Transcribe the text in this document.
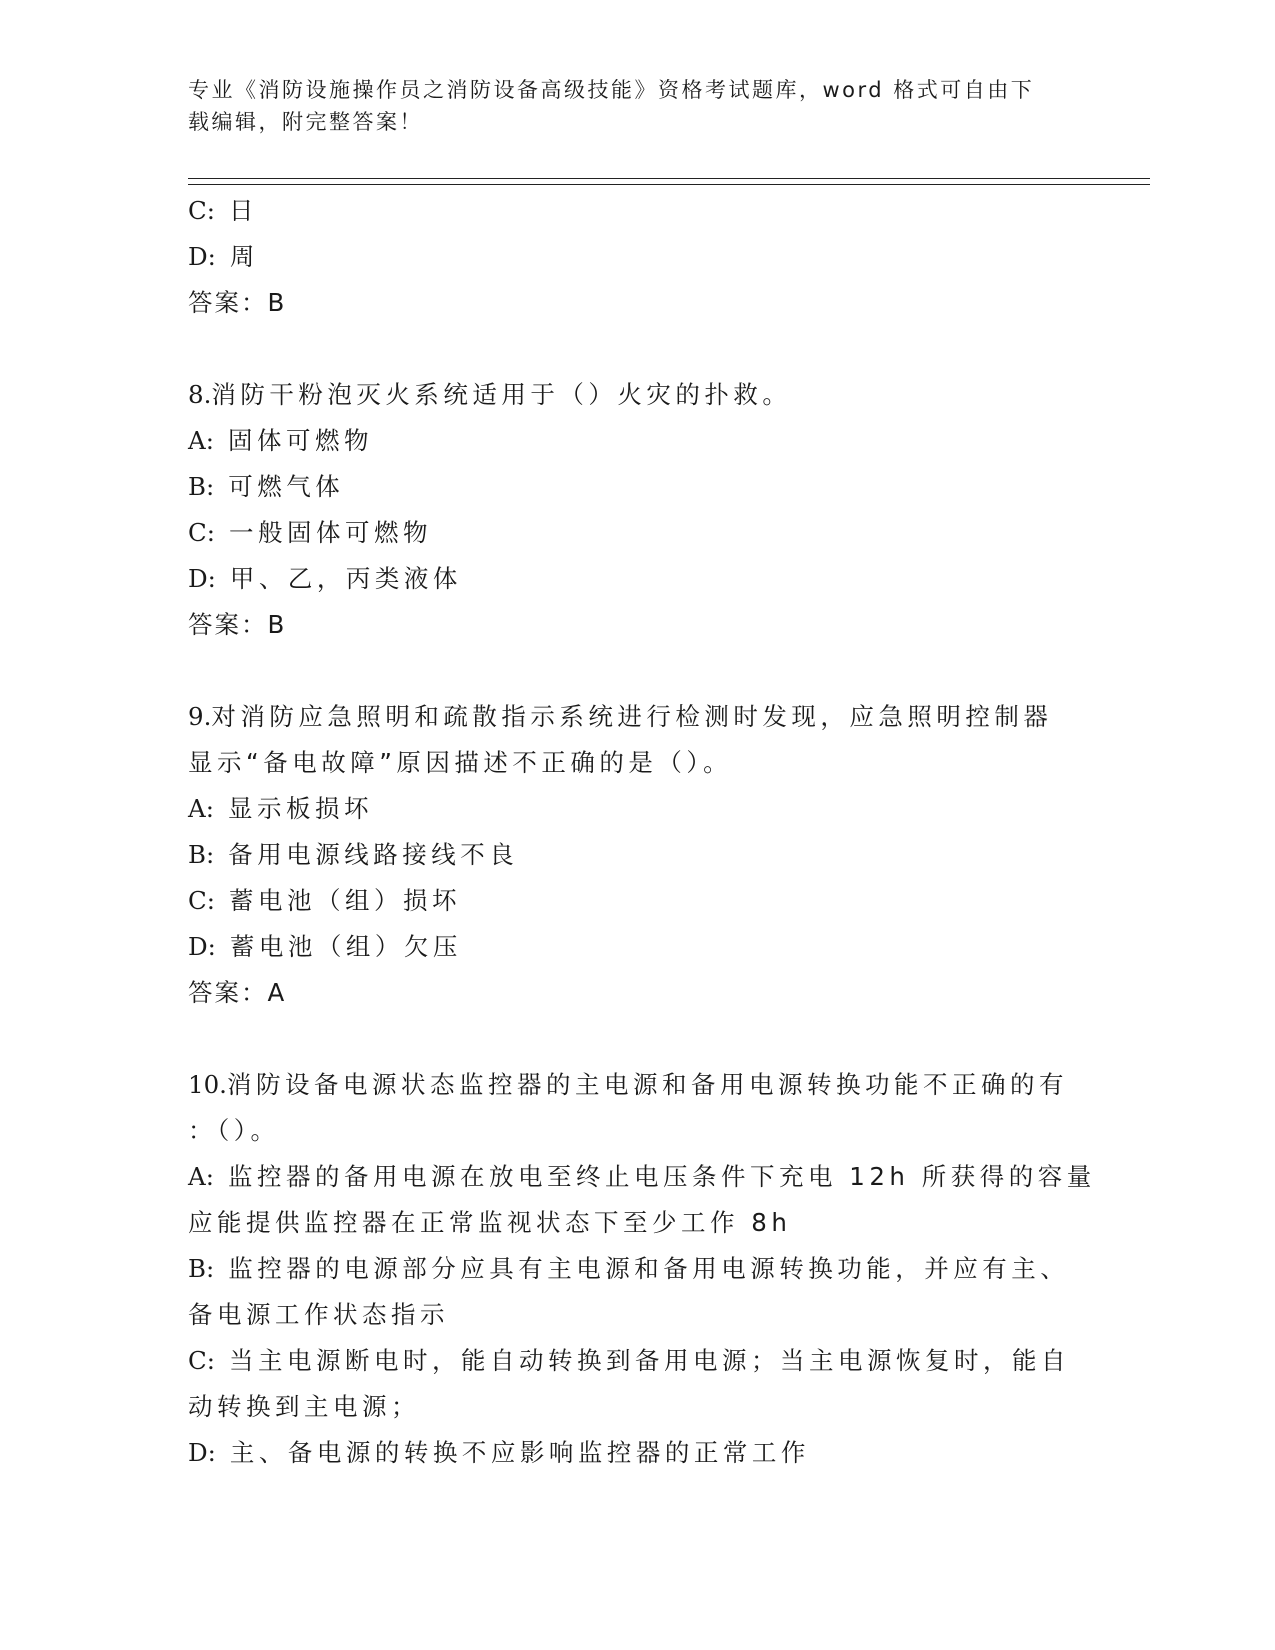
专业《消防设施操作员之消防设备高级技能》资格考试题库，word 格式可自由下
载编辑，附完整答案！
C: 日
D: 周
答案：B
8.消防干粉泡灭火系统适用于（）火灾的扑救。
A: 固体可燃物
B: 可燃气体
C: 一般固体可燃物
D: 甲、乙，丙类液体
答案：B
9.对消防应急照明和疏散指示系统进行检测时发现，应急照明控制器
显示“备电故障”原因描述不正确的是（）。
A: 显示板损坏
B: 备用电源线路接线不良
C: 蓄电池（组）损坏
D: 蓄电池（组）欠压
答案：A
10.消防设备电源状态监控器的主电源和备用电源转换功能不正确的有
：（）。
A: 监控器的备用电源在放电至终止电压条件下充电 12h 所获得的容量
应能提供监控器在正常监视状态下至少工作 8h
B: 监控器的电源部分应具有主电源和备用电源转换功能，并应有主、
备电源工作状态指示
C: 当主电源断电时，能自动转换到备用电源；当主电源恢复时，能自
动转换到主电源；
D: 主、备电源的转换不应影响监控器的正常工作
